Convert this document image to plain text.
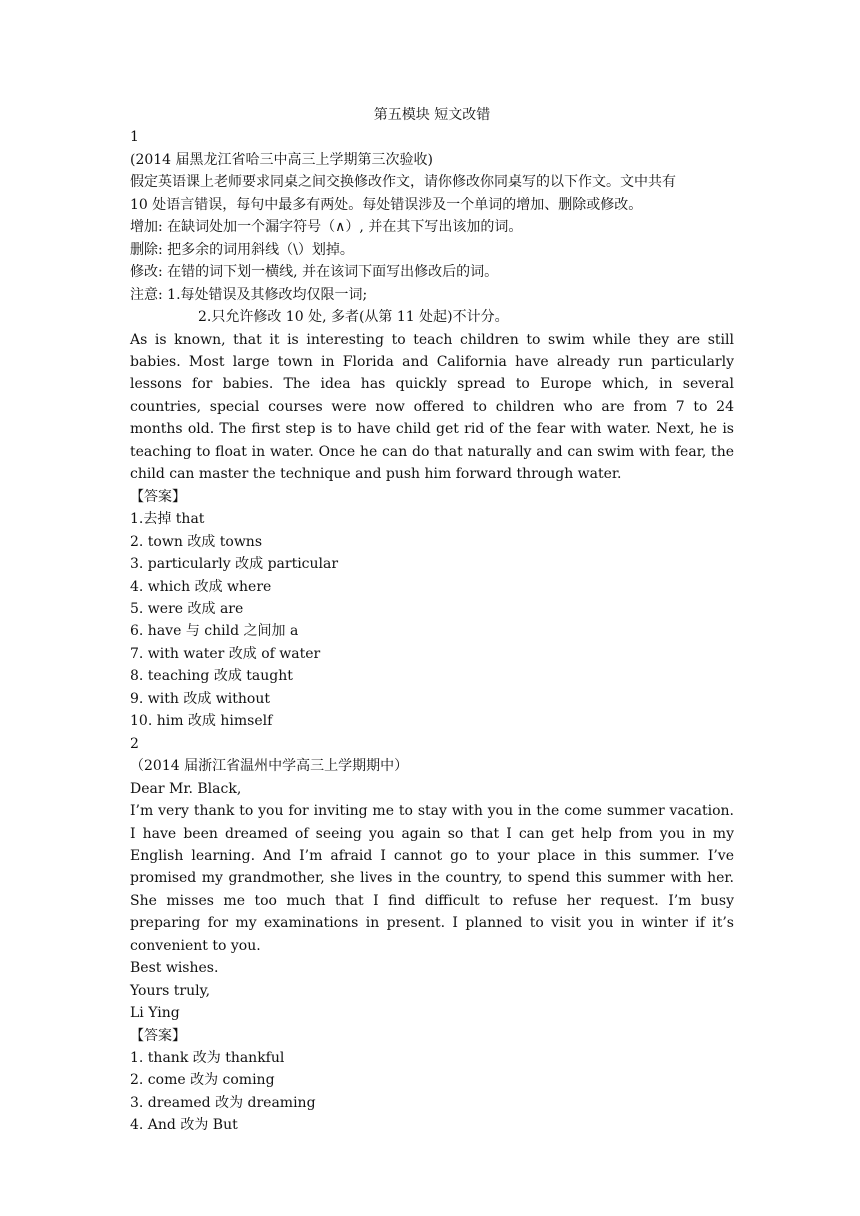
第五模块 短文改错
1
(2014 届黑龙江省哈三中高三上学期第三次验收)
假定英语课上老师要求同桌之间交换修改作文，请你修改你同桌写的以下作文。文中共有
10 处语言错误，每句中最多有两处。每处错误涉及一个单词的增加、删除或修改。
增加: 在缺词处加一个漏字符号（∧）, 并在其下写出该加的词。
删除: 把多余的词用斜线（\）划掉。
修改: 在错的词下划一横线, 并在该词下面写出修改后的词。
注意: 1.每处错误及其修改均仅限一词;
2.只允许修改 10 处, 多者(从第 11 处起)不计分。
As is known, that it is interesting to teach children to swim while they are still babies. Most large town in Florida and California have already run particularly lessons for babies. The idea has quickly spread to Europe which, in several countries, special courses were now offered to children who are from 7 to 24 months old. The first step is to have child get rid of the fear with water. Next, he is teaching to float in water. Once he can do that naturally and can swim with fear, the child can master the technique and push him forward through water.
【答案】
1.去掉 that
2. town 改成 towns
3. particularly 改成 particular
4. which 改成 where
5. were 改成 are
6. have 与 child 之间加 a
7. with water 改成 of water
8. teaching 改成 taught
9. with 改成 without
10. him 改成 himself
2
（2014 届浙江省温州中学高三上学期期中）
Dear Mr. Black,
I’m very thank to you for inviting me to stay with you in the come summer vacation. I have been dreamed of seeing you again so that I can get help from you in my English learning. And I’m afraid I cannot go to your place in this summer. I’ve promised my grandmother, she lives in the country, to spend this summer with her. She misses me too much that I find difficult to refuse her request. I’m busy preparing for my examinations in present. I planned to visit you in winter if it’s convenient to you.
Best wishes.
Yours truly,
Li Ying
【答案】
1. thank 改为 thankful
2. come 改为 coming
3. dreamed 改为 dreaming
4. And 改为 But
